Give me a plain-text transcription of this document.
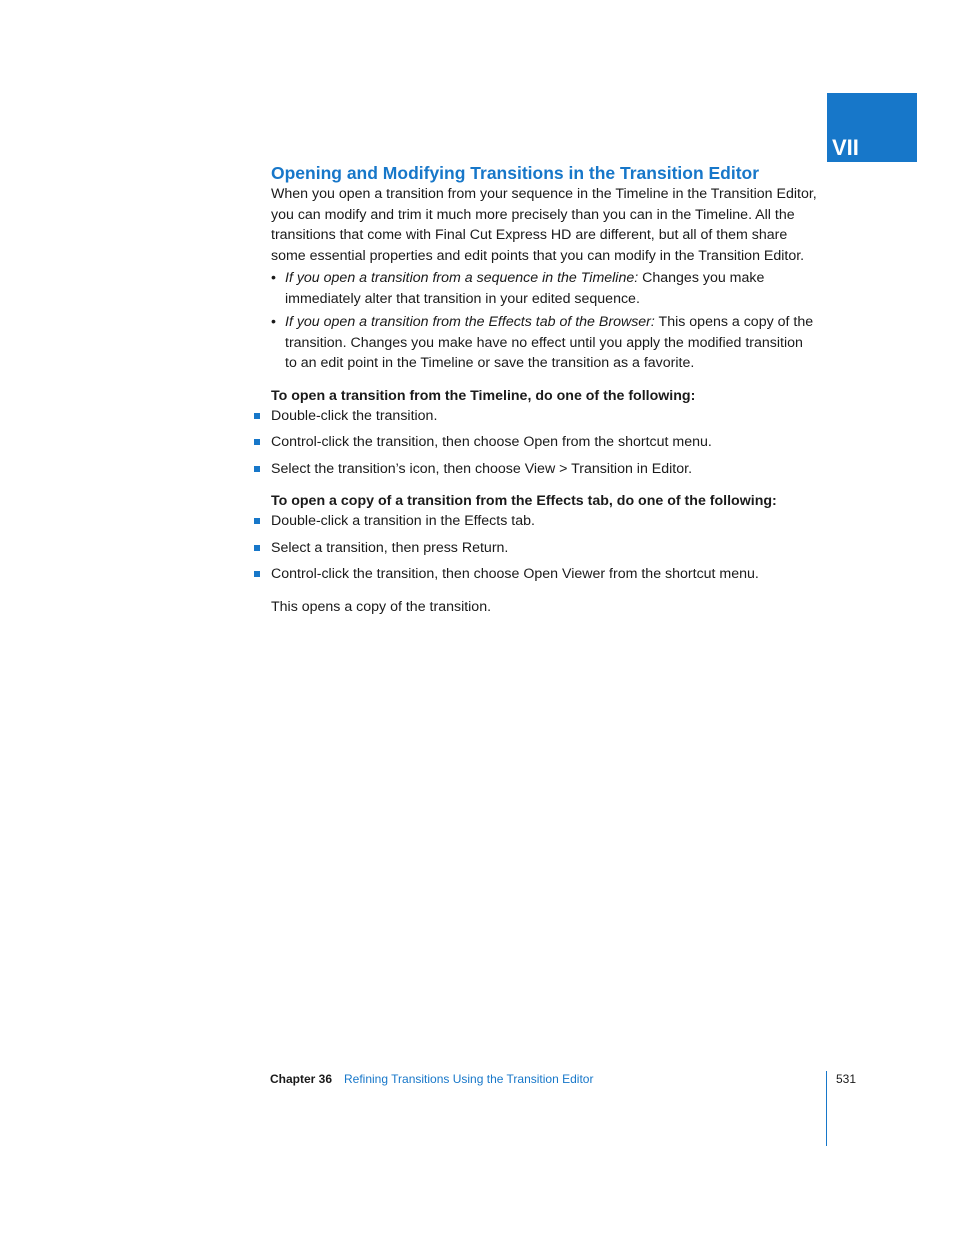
VII
Opening and Modifying Transitions in the Transition Editor

When you open a transition from your sequence in the Timeline in the Transition Editor,

you can modify and trim it much more precisely than you can in the Timeline. All the

transitions that come with Final Cut Express HD are different, but all of them share

some essential properties and edit points that you can modify in the Transition Editor.

• If you open a transition from a sequence in the Timeline: Changes you make
immediately alter that transition in your edited sequence.
• If you open a transition from the Effects tab of the Browser: This opens a copy of the
transition. Changes you make have no effect until you apply the modified transition
to an edit point in the Timeline or save the transition as a favorite.

To open a transition from the Timeline, do one of the following:

Double-click the transition.
Control-click the transition, then choose Open from the shortcut menu.
Select the transition’s icon, then choose View > Transition in Editor.

To open a copy of a transition from the Effects tab, do one of the following:

Double-click a transition in the Effects tab.
Select a transition, then press Return.
Control-click the transition, then choose Open Viewer from the shortcut menu.

This opens a copy of the transition.

Chapter 36 Refining Transitions Using the Transition Editor	531
